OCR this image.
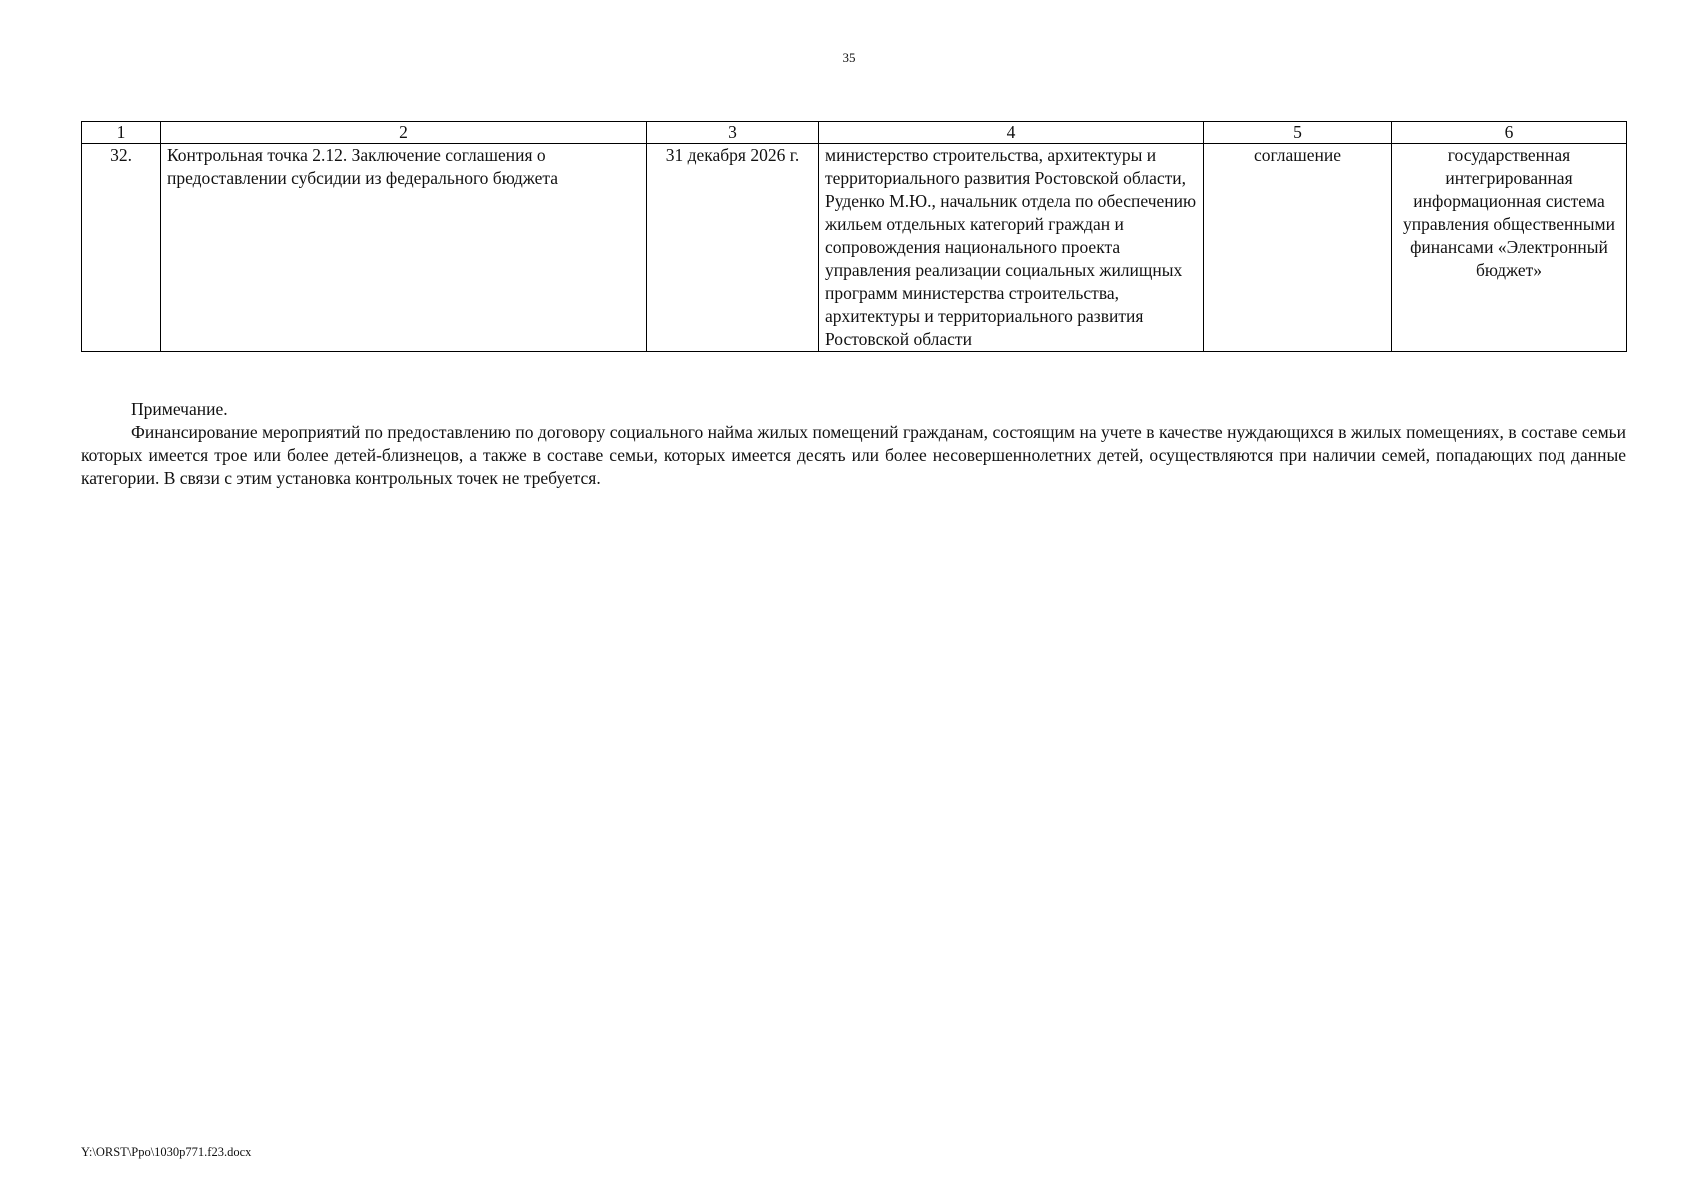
35
1	2	3	4	5	6
32.	Контрольная точка 2.12. Заключение соглашения о предоставлении субсидии из федерального бюджета	31 декабря 2026 г.	министерство строительства, архитектуры и территориального развития Ростовской области, Руденко М.Ю., начальник отдела по обеспечению жильем отдельных категорий граждан и сопровождения национального проекта управления реализации социальных жилищных программ министерства строительства, архитектуры и территориального развития Ростовской области	соглашение	государственная интегрированная информационная система управления общественными финансами «Электронный бюджет»

Примечание.

Финансирование мероприятий по предоставлению по договору социального найма жилых помещений гражданам, состоящим на учете в качестве нуждающихся в жилых помещениях, в составе семьи которых имеется трое или более детей-близнецов, а также в составе семьи, которых имеется десять или более несовершеннолетних детей, осуществляются при наличии семей, попадающих под данные категории. В связи с этим установка контрольных точек не требуется.

Y:\ORST\Ppo\1030p771.f23.docx
